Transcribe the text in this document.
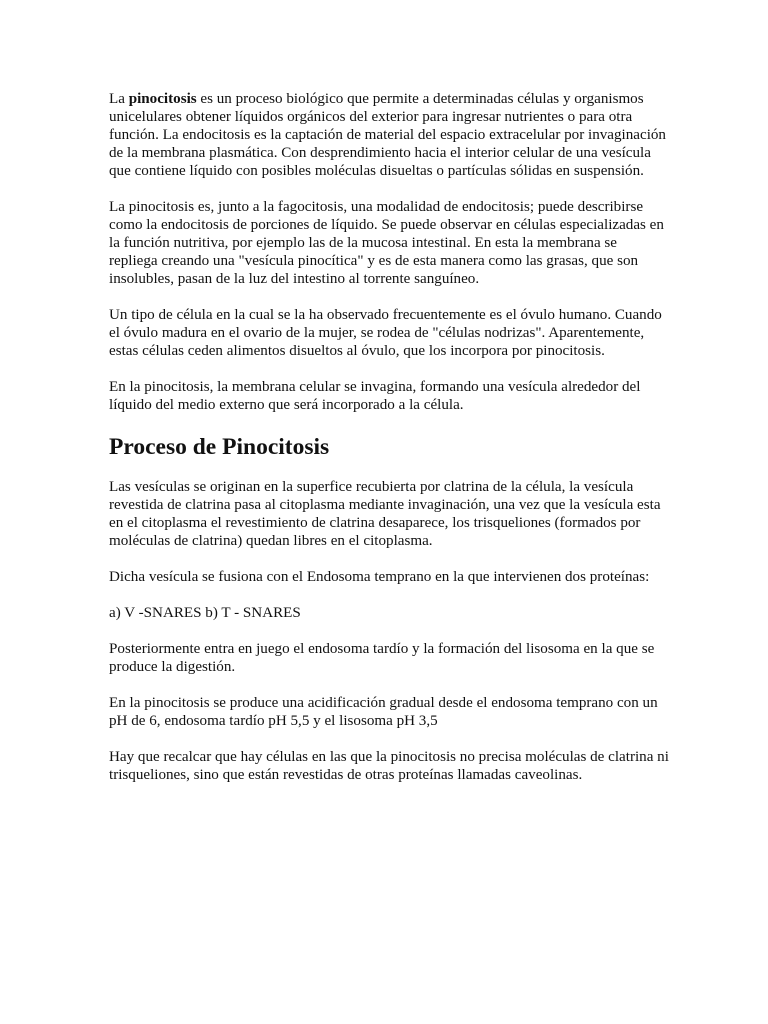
La pinocitosis es un proceso biológico que permite a determinadas células y organismos unicelulares obtener líquidos orgánicos del exterior para ingresar nutrientes o para otra función. La endocitosis es la captación de material del espacio extracelular por invaginación de la membrana plasmática. Con desprendimiento hacia el interior celular de una vesícula que contiene líquido con posibles moléculas disueltas o partículas sólidas en suspensión.

La pinocitosis es, junto a la fagocitosis, una modalidad de endocitosis; puede describirse como la endocitosis de porciones de líquido. Se puede observar en células especializadas en la función nutritiva, por ejemplo las de la mucosa intestinal. En esta la membrana se repliega creando una "vesícula pinocítica" y es de esta manera como las grasas, que son insolubles, pasan de la luz del intestino al torrente sanguíneo.

Un tipo de célula en la cual se la ha observado frecuentemente es el óvulo humano. Cuando el óvulo madura en el ovario de la mujer, se rodea de "células nodrizas". Aparentemente, estas células ceden alimentos disueltos al óvulo, que los incorpora por pinocitosis.

En la pinocitosis, la membrana celular se invagina, formando una vesícula alrededor del líquido del medio externo que será incorporado a la célula.

Proceso de Pinocitosis

Las vesículas se originan en la superfice recubierta por clatrina de la célula, la vesícula revestida de clatrina pasa al citoplasma mediante invaginación, una vez que la vesícula esta en el citoplasma el revestimiento de clatrina desaparece, los trisqueliones (formados por moléculas de clatrina) quedan libres en el citoplasma.

Dicha vesícula se fusiona con el Endosoma temprano en la que intervienen dos proteínas:

a) V -SNARES b) T - SNARES

Posteriormente entra en juego el endosoma tardío y la formación del lisosoma en la que se produce la digestión.

En la pinocitosis se produce una acidificación gradual desde el endosoma temprano con un pH de 6, endosoma tardío pH 5,5 y el lisosoma pH 3,5

Hay que recalcar que hay células en las que la pinocitosis no precisa moléculas de clatrina ni trisqueliones, sino que están revestidas de otras proteínas llamadas caveolinas.
